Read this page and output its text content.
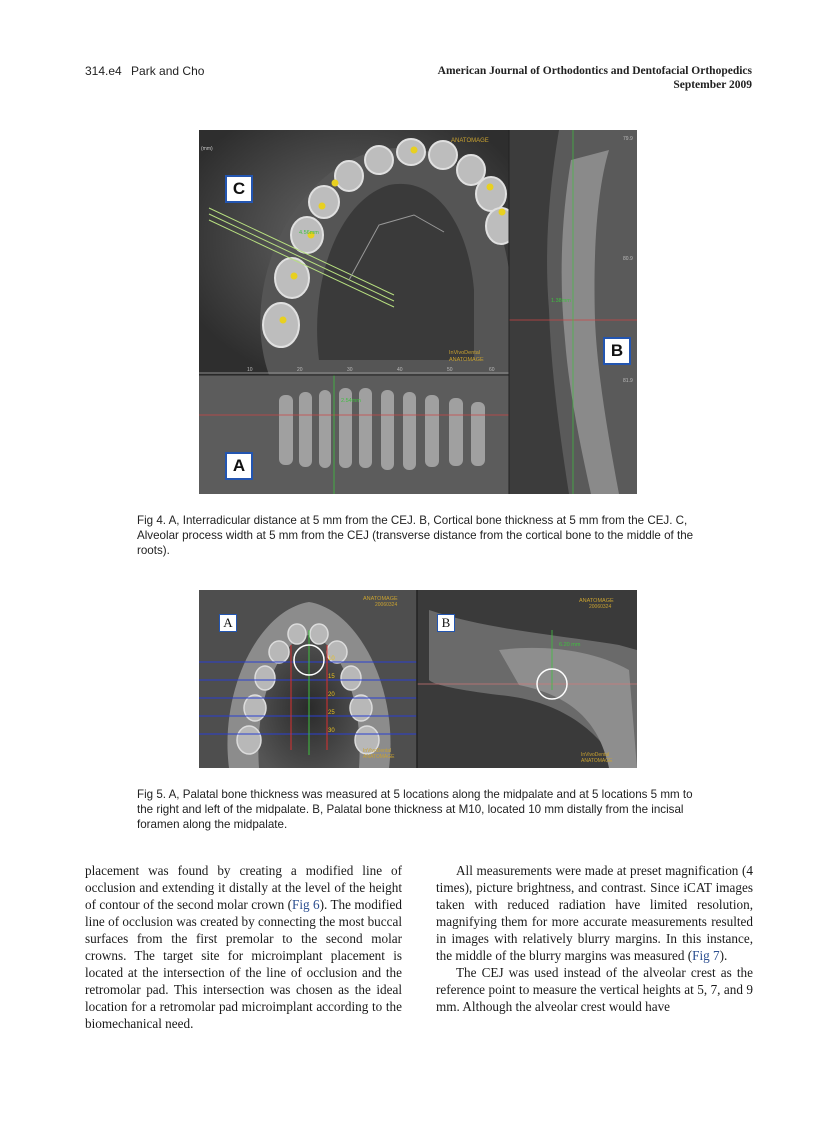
314.e4 Park and Cho	American Journal of Orthodontics and Dentofacial Orthopedics
September 2009
ANATOMAGE
InVivoDental
ANATOMAGE
(mm)
4.56mm
10	20	30	40	50	60
2.54mm
1.38mm
79.9
80.9
81.9
C
B
A
Fig 4. A, Interradicular distance at 5 mm from the CEJ. B, Cortical bone thickness at 5 mm from the CEJ. C, Alveolar process width at 5 mm from the CEJ (transverse distance from the cortical bone to the middle of the roots).
10
15
20
25
30
ANATOMAGE
20060324
InVivoDental
ANATOMAGE
6.20 mm
ANATOMAGE
20060324
InVivoDental
ANATOMAGE
A	B
Fig 5. A, Palatal bone thickness was measured at 5 locations along the midpalate and at 5 locations 5 mm to the right and left of the midpalate. B, Palatal bone thickness at M10, located 10 mm distally from the incisal foramen along the midpalate.

placement was found by creating a modified line of occlusion and extending it distally at the level of the height of contour of the second molar crown (Fig 6). The modified line of occlusion was created by connecting the most buccal surfaces from the first premolar to the second molar crowns. The target site for microimplant placement is located at the intersection of the line of occlusion and the retromolar pad. This intersection was chosen as the ideal location for a retromolar pad microimplant according to the biomechanical need.

All measurements were made at preset magnification (4 times), picture brightness, and contrast. Since iCAT images taken with reduced radiation have limited resolution, magnifying them for more accurate measurements resulted in images with relatively blurry margins. In this instance, the middle of the blurry margins was measured (Fig 7).

The CEJ was used instead of the alveolar crest as the reference point to measure the vertical heights at 5, 7, and 9 mm. Although the alveolar crest would have
